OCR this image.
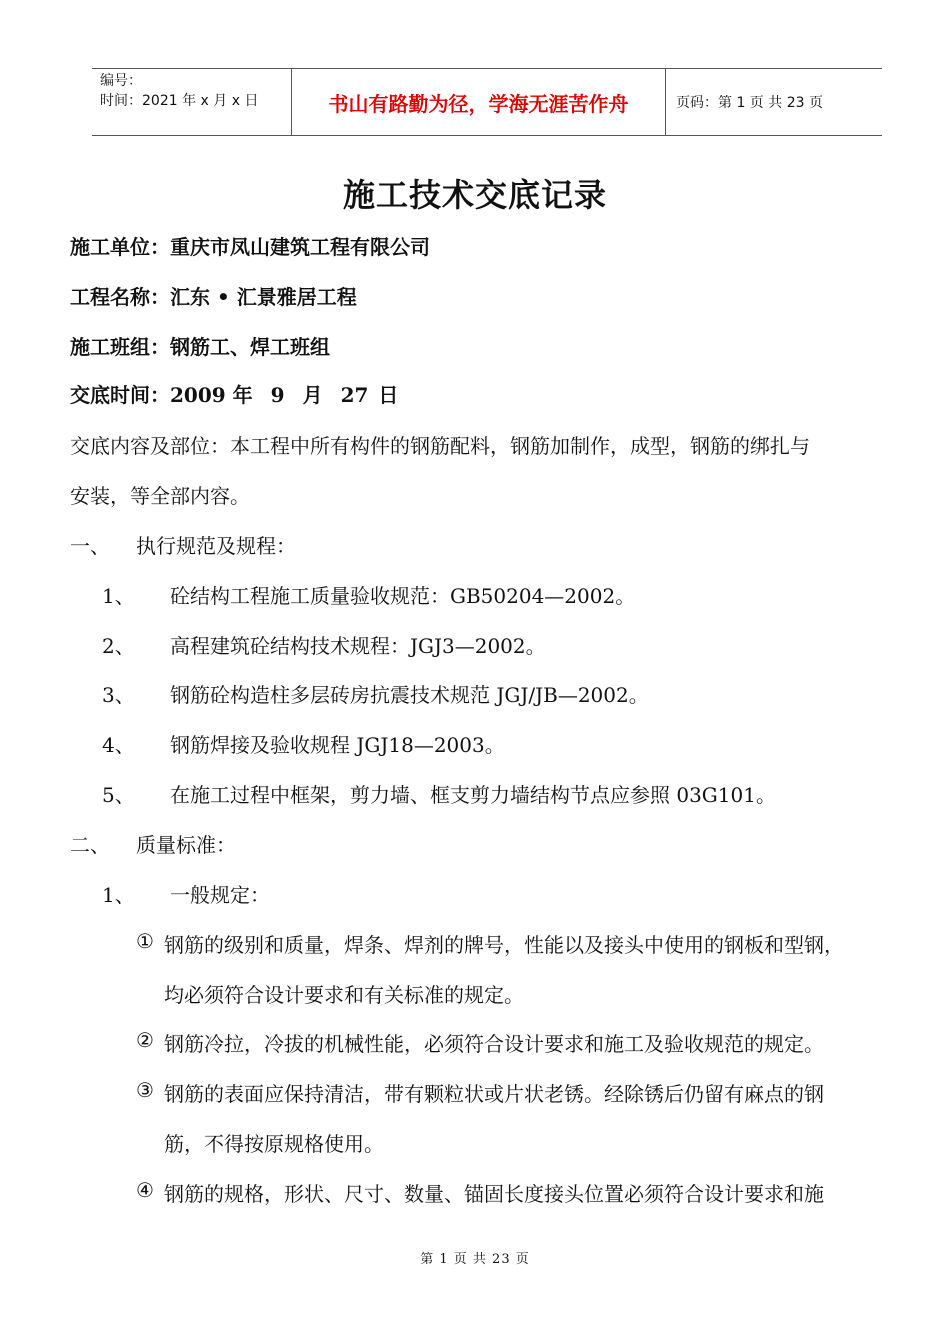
编号：
时间：2021 年 x 月 x 日	书山有路勤为径，学海无涯苦作舟	页码：第 1 页 共 23 页
施工技术交底记录
施工单位：重庆市凤山建筑工程有限公司
工程名称：汇东 • 汇景雅居工程
施工班组：钢筋工、焊工班组
交底时间：2009 年 9 月 27 日
交底内容及部位：本工程中所有构件的钢筋配料，钢筋加制作，成型，钢筋的绑扎与
安装，等全部内容。
一、 执行规范及规程：
1、 砼结构工程施工质量验收规范：GB50204—2002。
2、 高程建筑砼结构技术规程：JGJ3—2002。
3、 钢筋砼构造柱多层砖房抗震技术规范 JGJ/JB—2002。
4、 钢筋焊接及验收规程 JGJ18—2003。
5、 在施工过程中框架，剪力墙、框支剪力墙结构节点应参照 03G101。
二、 质量标准：
1、 一般规定：
① 钢筋的级别和质量，焊条、焊剂的牌号，性能以及接头中使用的钢板和型钢，
均必须符合设计要求和有关标准的规定。
② 钢筋冷拉，冷拔的机械性能，必须符合设计要求和施工及验收规范的规定。
③ 钢筋的表面应保持清洁，带有颗粒状或片状老锈。经除锈后仍留有麻点的钢
筋，不得按原规格使用。
④ 钢筋的规格，形状、尺寸、数量、锚固长度接头位置必须符合设计要求和施
第 1 页 共 23 页
